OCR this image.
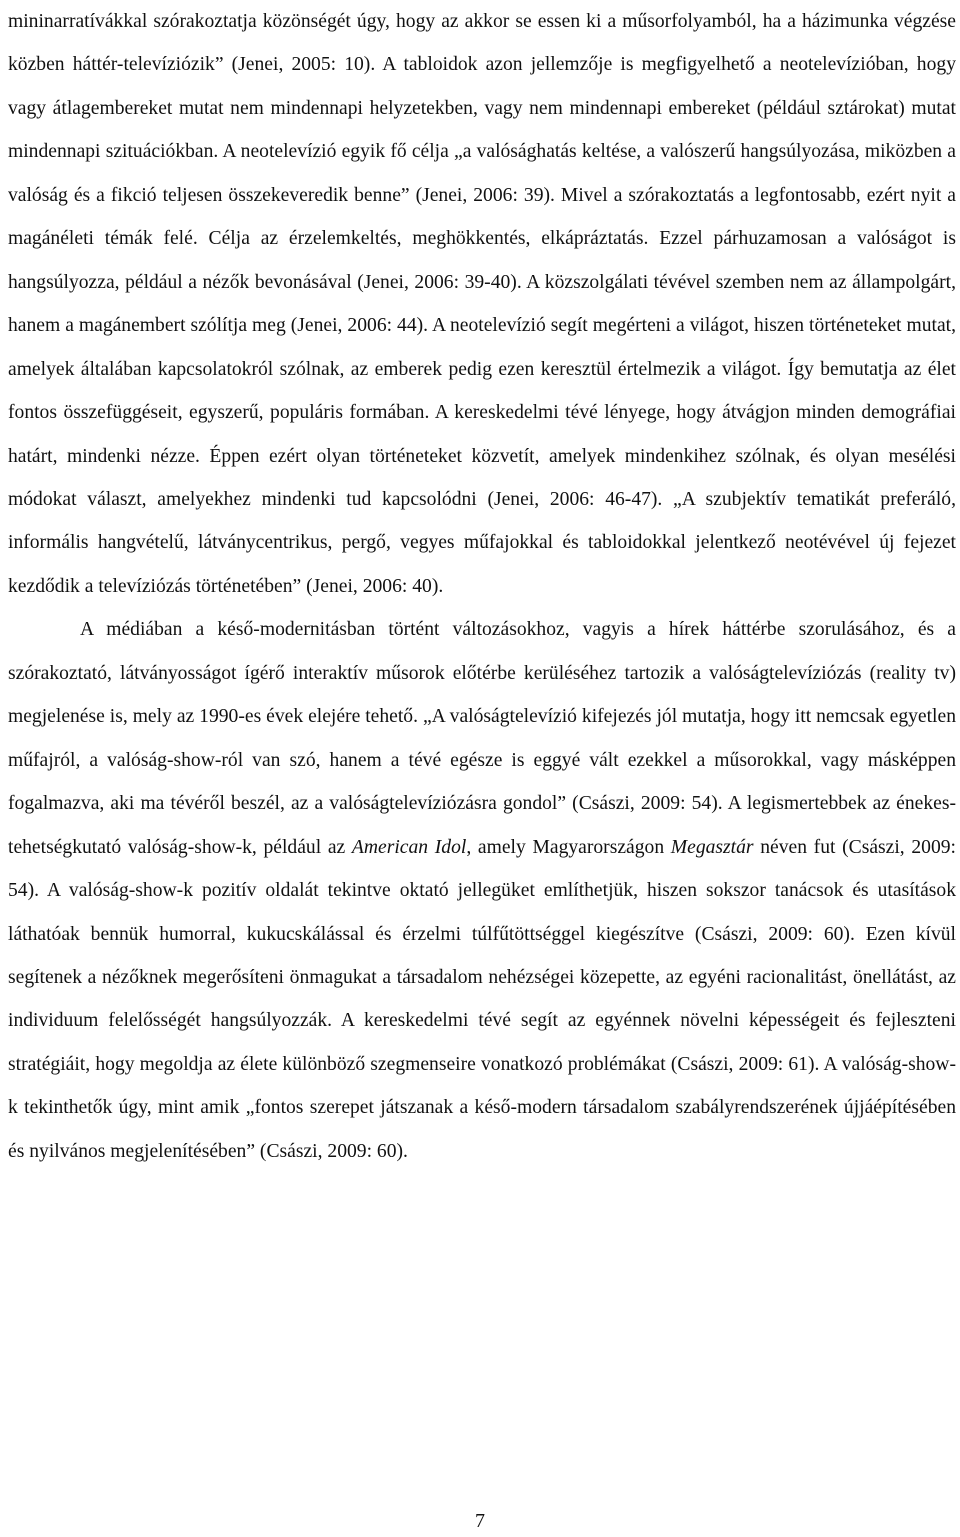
mininarratívákkal szórakoztatja közönségét úgy, hogy az akkor se essen ki a műsorfolyamból, ha a házimunka végzése közben háttér-televíziózik” (Jenei, 2005: 10). A tabloidok azon jellemzője is megfigyelhető a neotelevízióban, hogy vagy átlagembereket mutat nem mindennapi helyzetekben, vagy nem mindennapi embereket (például sztárokat) mutat mindennapi szituációkban. A neotelevízió egyik fő célja „a valósághatás keltése, a valószerű hangsúlyozása, miközben a valóság és a fikció teljesen összekeveredik benne” (Jenei, 2006: 39). Mivel a szórakoztatás a legfontosabb, ezért nyit a magánéleti témák felé. Célja az érzelemkeltés, meghökkentés, elkápráztatás. Ezzel párhuzamosan a valóságot is hangsúlyozza, például a nézők bevonásával (Jenei, 2006: 39-40). A közszolgálati tévével szemben nem az állampolgárt, hanem a magánembert szólítja meg (Jenei, 2006: 44). A neotelevízió segít megérteni a világot, hiszen történeteket mutat, amelyek általában kapcsolatokról szólnak, az emberek pedig ezen keresztül értelmezik a világot. Így bemutatja az élet fontos összefüggéseit, egyszerű, populáris formában. A kereskedelmi tévé lényege, hogy átvágjon minden demográfiai határt, mindenki nézze. Éppen ezért olyan történeteket közvetít, amelyek mindenkihez szólnak, és olyan mesélési módokat választ, amelyekhez mindenki tud kapcsolódni (Jenei, 2006: 46-47). „A szubjektív tematikát preferáló, informális hangvételű, látványcentrikus, pergő, vegyes műfajokkal és tabloidokkal jelentkező neotévével új fejezet kezdődik a televíziózás történetében” (Jenei, 2006: 40).

A médiában a késő-modernitásban történt változásokhoz, vagyis a hírek háttérbe szorulásához, és a szórakoztató, látványosságot ígérő interaktív műsorok előtérbe kerüléséhez tartozik a valóságtelevíziózás (reality tv) megjelenése is, mely az 1990-es évek elejére tehető. „A valóságtelevízió kifejezés jól mutatja, hogy itt nemcsak egyetlen műfajról, a valóság-show-ról van szó, hanem a tévé egésze is eggyé vált ezekkel a műsorokkal, vagy másképpen fogalmazva, aki ma tévéről beszél, az a valóságtelevíziózásra gondol” (Császi, 2009: 54). A legismertebbek az énekes-tehetségkutató valóság-show-k, például az American Idol, amely Magyarországon Megasztár néven fut (Császi, 2009: 54). A valóság-show-k pozitív oldalát tekintve oktató jellegüket említhetjük, hiszen sokszor tanácsok és utasítások láthatóak bennük humorral, kukucskálással és érzelmi túlfűtöttséggel kiegészítve (Császi, 2009: 60). Ezen kívül segítenek a nézőknek megerősíteni önmagukat a társadalom nehézségei közepette, az egyéni racionalitást, önellátást, az individuum felelősségét hangsúlyozzák. A kereskedelmi tévé segít az egyénnek növelni képességeit és fejleszteni stratégiáit, hogy megoldja az élete különböző szegmenseire vonatkozó problémákat (Császi, 2009: 61). A valóság-show-k tekinthetők úgy, mint amik „fontos szerepet játszanak a késő-modern társadalom szabályrendszerének újjáépítésében és nyilvános megjelenítésében” (Császi, 2009: 60).

7
